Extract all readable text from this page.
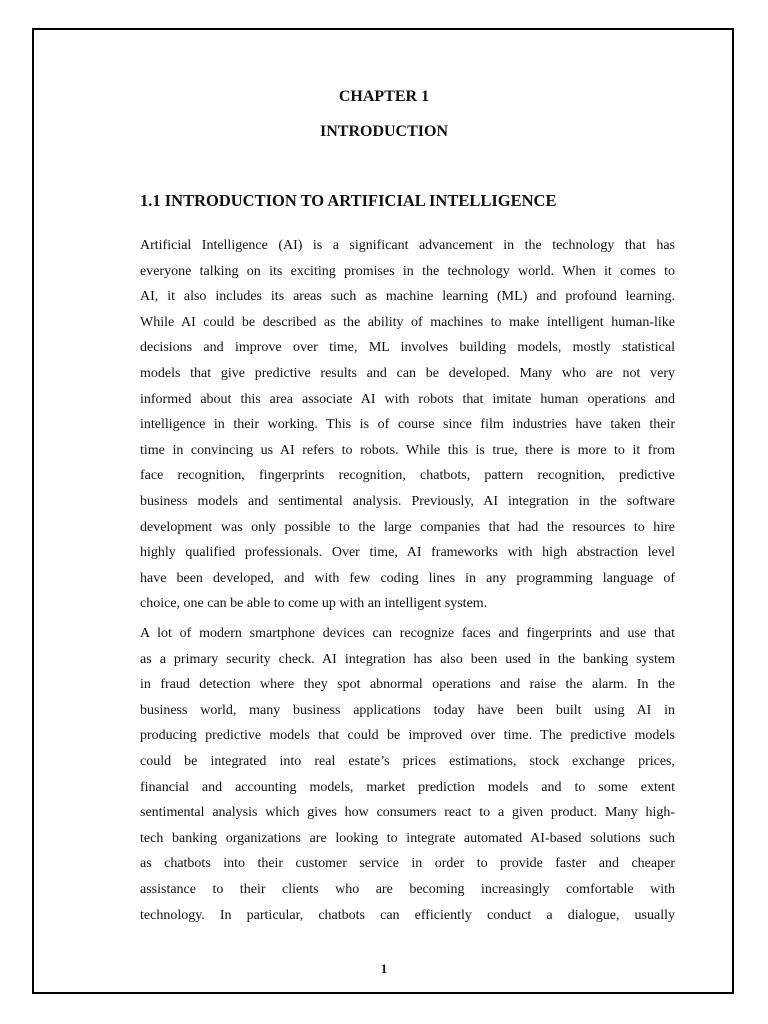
CHAPTER 1
INTRODUCTION
1.1 INTRODUCTION TO ARTIFICIAL INTELLIGENCE
Artificial Intelligence (AI) is a significant advancement in the technology that has
everyone talking on its exciting promises in the technology world. When it comes to
AI, it also includes its areas such as machine learning (ML) and profound learning.
While AI could be described as the ability of machines to make intelligent human-like
decisions and improve over time, ML involves building models, mostly statistical
models that give predictive results and can be developed. Many who are not very
informed about this area associate AI with robots that imitate human operations and
intelligence in their working. This is of course since film industries have taken their
time in convincing us AI refers to robots. While this is true, there is more to it from
face recognition, fingerprints recognition, chatbots, pattern recognition, predictive
business models and sentimental analysis. Previously, AI integration in the software
development was only possible to the large companies that had the resources to hire
highly qualified professionals. Over time, AI frameworks with high abstraction level
have been developed, and with few coding lines in any programming language of
choice, one can be able to come up with an intelligent system.
A lot of modern smartphone devices can recognize faces and fingerprints and use that
as a primary security check. AI integration has also been used in the banking system
in fraud detection where they spot abnormal operations and raise the alarm. In the
business world, many business applications today have been built using AI in
producing predictive models that could be improved over time. The predictive models
could be integrated into real estate’s prices estimations, stock exchange prices,
financial and accounting models, market prediction models and to some extent
sentimental analysis which gives how consumers react to a given product. Many high-
tech banking organizations are looking to integrate automated AI-based solutions such
as chatbots into their customer service in order to provide faster and cheaper
assistance to their clients who are becoming increasingly comfortable with
technology. In particular, chatbots can efficiently conduct a dialogue, usually
1
